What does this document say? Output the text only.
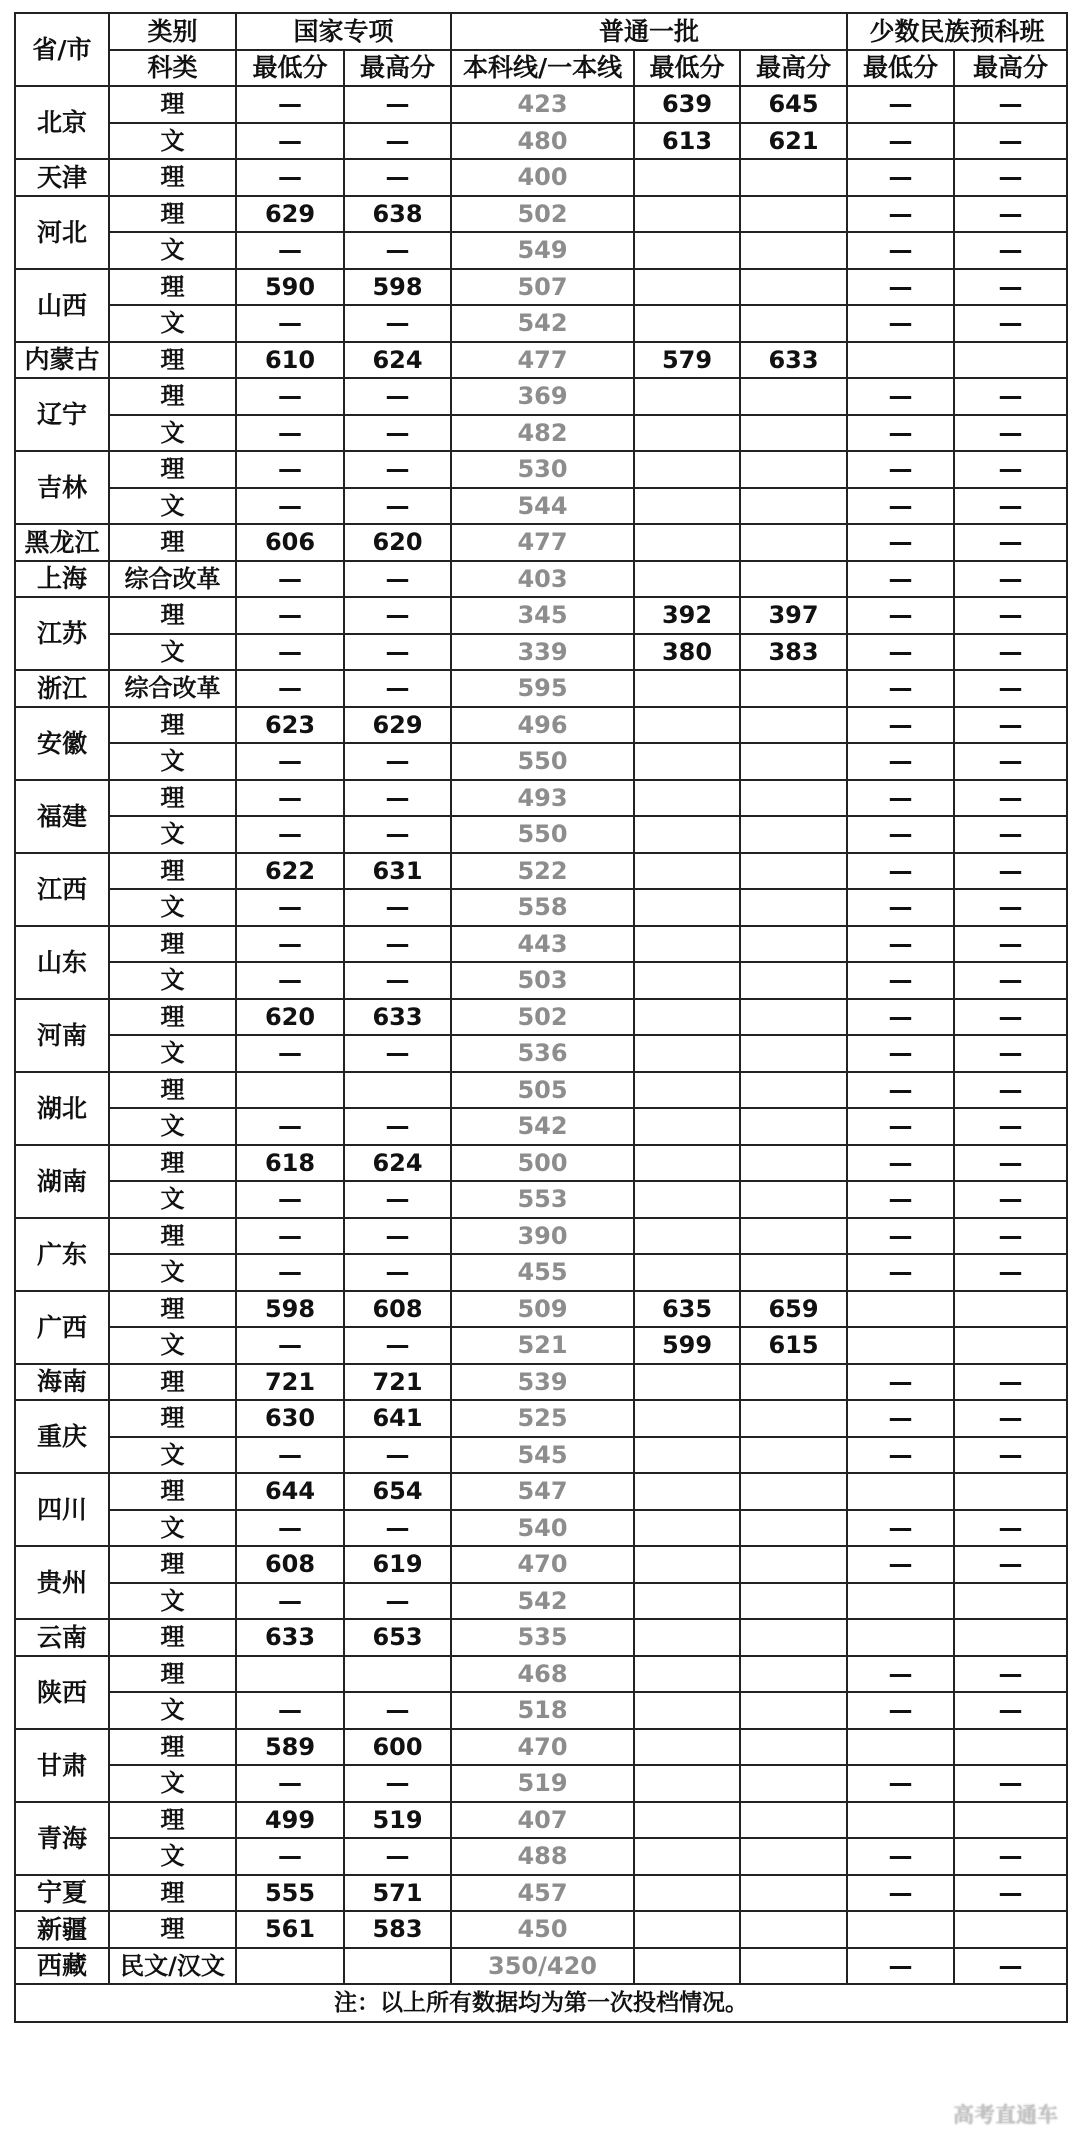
省/市	类别	国家专项		普通一批			少数民族预科班	
	科类	最低分	最高分	本科线/一本线	最低分	最高分	最低分	最高分
北京	理	—	—	423	639	645	—	—
	文	—	—	480	613	621	—	—
天津	理	—	—	400			—	—
河北	理	629	638	502			—	—
	文	—	—	549			—	—
山西	理	590	598	507			—	—
	文	—	—	542			—	—
内蒙古	理	610	624	477	579	633		
辽宁	理	—	—	369			—	—
	文	—	—	482			—	—
吉林	理	—	—	530			—	—
	文	—	—	544			—	—
黑龙江	理	606	620	477			—	—
上海	综合改革	—	—	403			—	—
江苏	理	—	—	345	392	397	—	—
	文	—	—	339	380	383	—	—
浙江	综合改革	—	—	595			—	—
安徽	理	623	629	496			—	—
	文	—	—	550			—	—
福建	理	—	—	493			—	—
	文	—	—	550			—	—
江西	理	622	631	522			—	—
	文	—	—	558			—	—
山东	理	—	—	443			—	—
	文	—	—	503			—	—
河南	理	620	633	502			—	—
	文	—	—	536			—	—
湖北	理			505			—	—
	文	—	—	542			—	—
湖南	理	618	624	500			—	—
	文	—	—	553			—	—
广东	理	—	—	390			—	—
	文	—	—	455			—	—
广西	理	598	608	509	635	659		
	文	—	—	521	599	615		
海南	理	721	721	539			—	—
重庆	理	630	641	525			—	—
	文	—	—	545			—	—
四川	理	644	654	547				
	文	—	—	540			—	—
贵州	理	608	619	470			—	—
	文	—	—	542				
云南	理	633	653	535				
陕西	理			468			—	—
	文	—	—	518			—	—
甘肃	理	589	600	470				
	文	—	—	519			—	—
青海	理	499	519	407				
	文	—	—	488			—	—
宁夏	理	555	571	457			—	—
新疆	理	561	583	450				
西藏	民文/汉文			350/420			—	—
注：以上所有数据均为第一次投档情况。								
高考直通车
